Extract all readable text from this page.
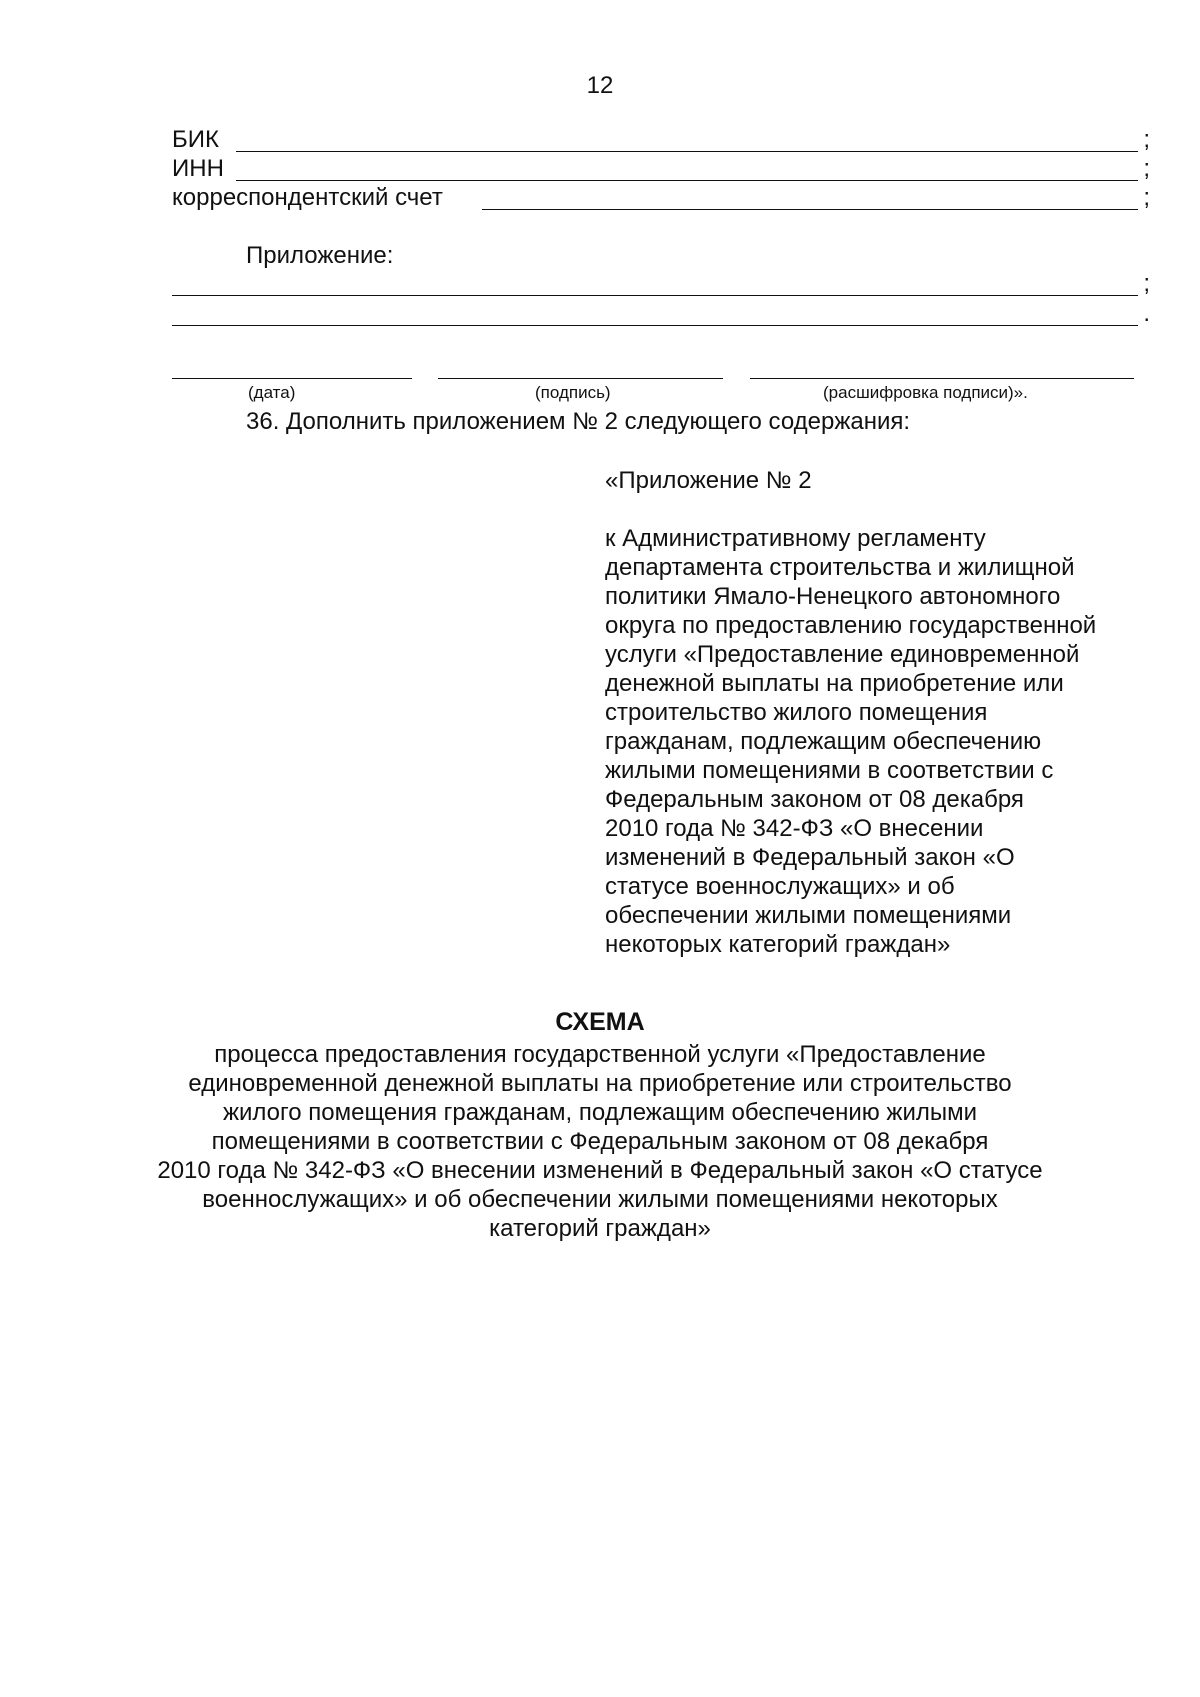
12
БИК	;
ИНН	;
корреспондентский счет	;
Приложение:
;
.
(дата)	(подпись)	(расшифровка подписи)».
36. Дополнить приложением № 2 следующего содержания:
«Приложение № 2
к Административному регламенту
департамента строительства и жилищной
политики Ямало-Ненецкого автономного
округа по предоставлению государственной
услуги «Предоставление единовременной
денежной выплаты на приобретение или
строительство жилого помещения
гражданам, подлежащим обеспечению
жилыми помещениями в соответствии с
Федеральным законом от 08 декабря
2010 года № 342-ФЗ «О внесении
изменений в Федеральный закон «О
статусе военнослужащих» и об
обеспечении жилыми помещениями
некоторых категорий граждан»
СХЕМА
процесса предоставления государственной услуги «Предоставление
единовременной денежной выплаты на приобретение или строительство
жилого помещения гражданам, подлежащим обеспечению жилыми
помещениями в соответствии с Федеральным законом от 08 декабря
2010 года № 342-ФЗ «О внесении изменений в Федеральный закон «О статусе
военнослужащих» и об обеспечении жилыми помещениями некоторых
категорий граждан»
